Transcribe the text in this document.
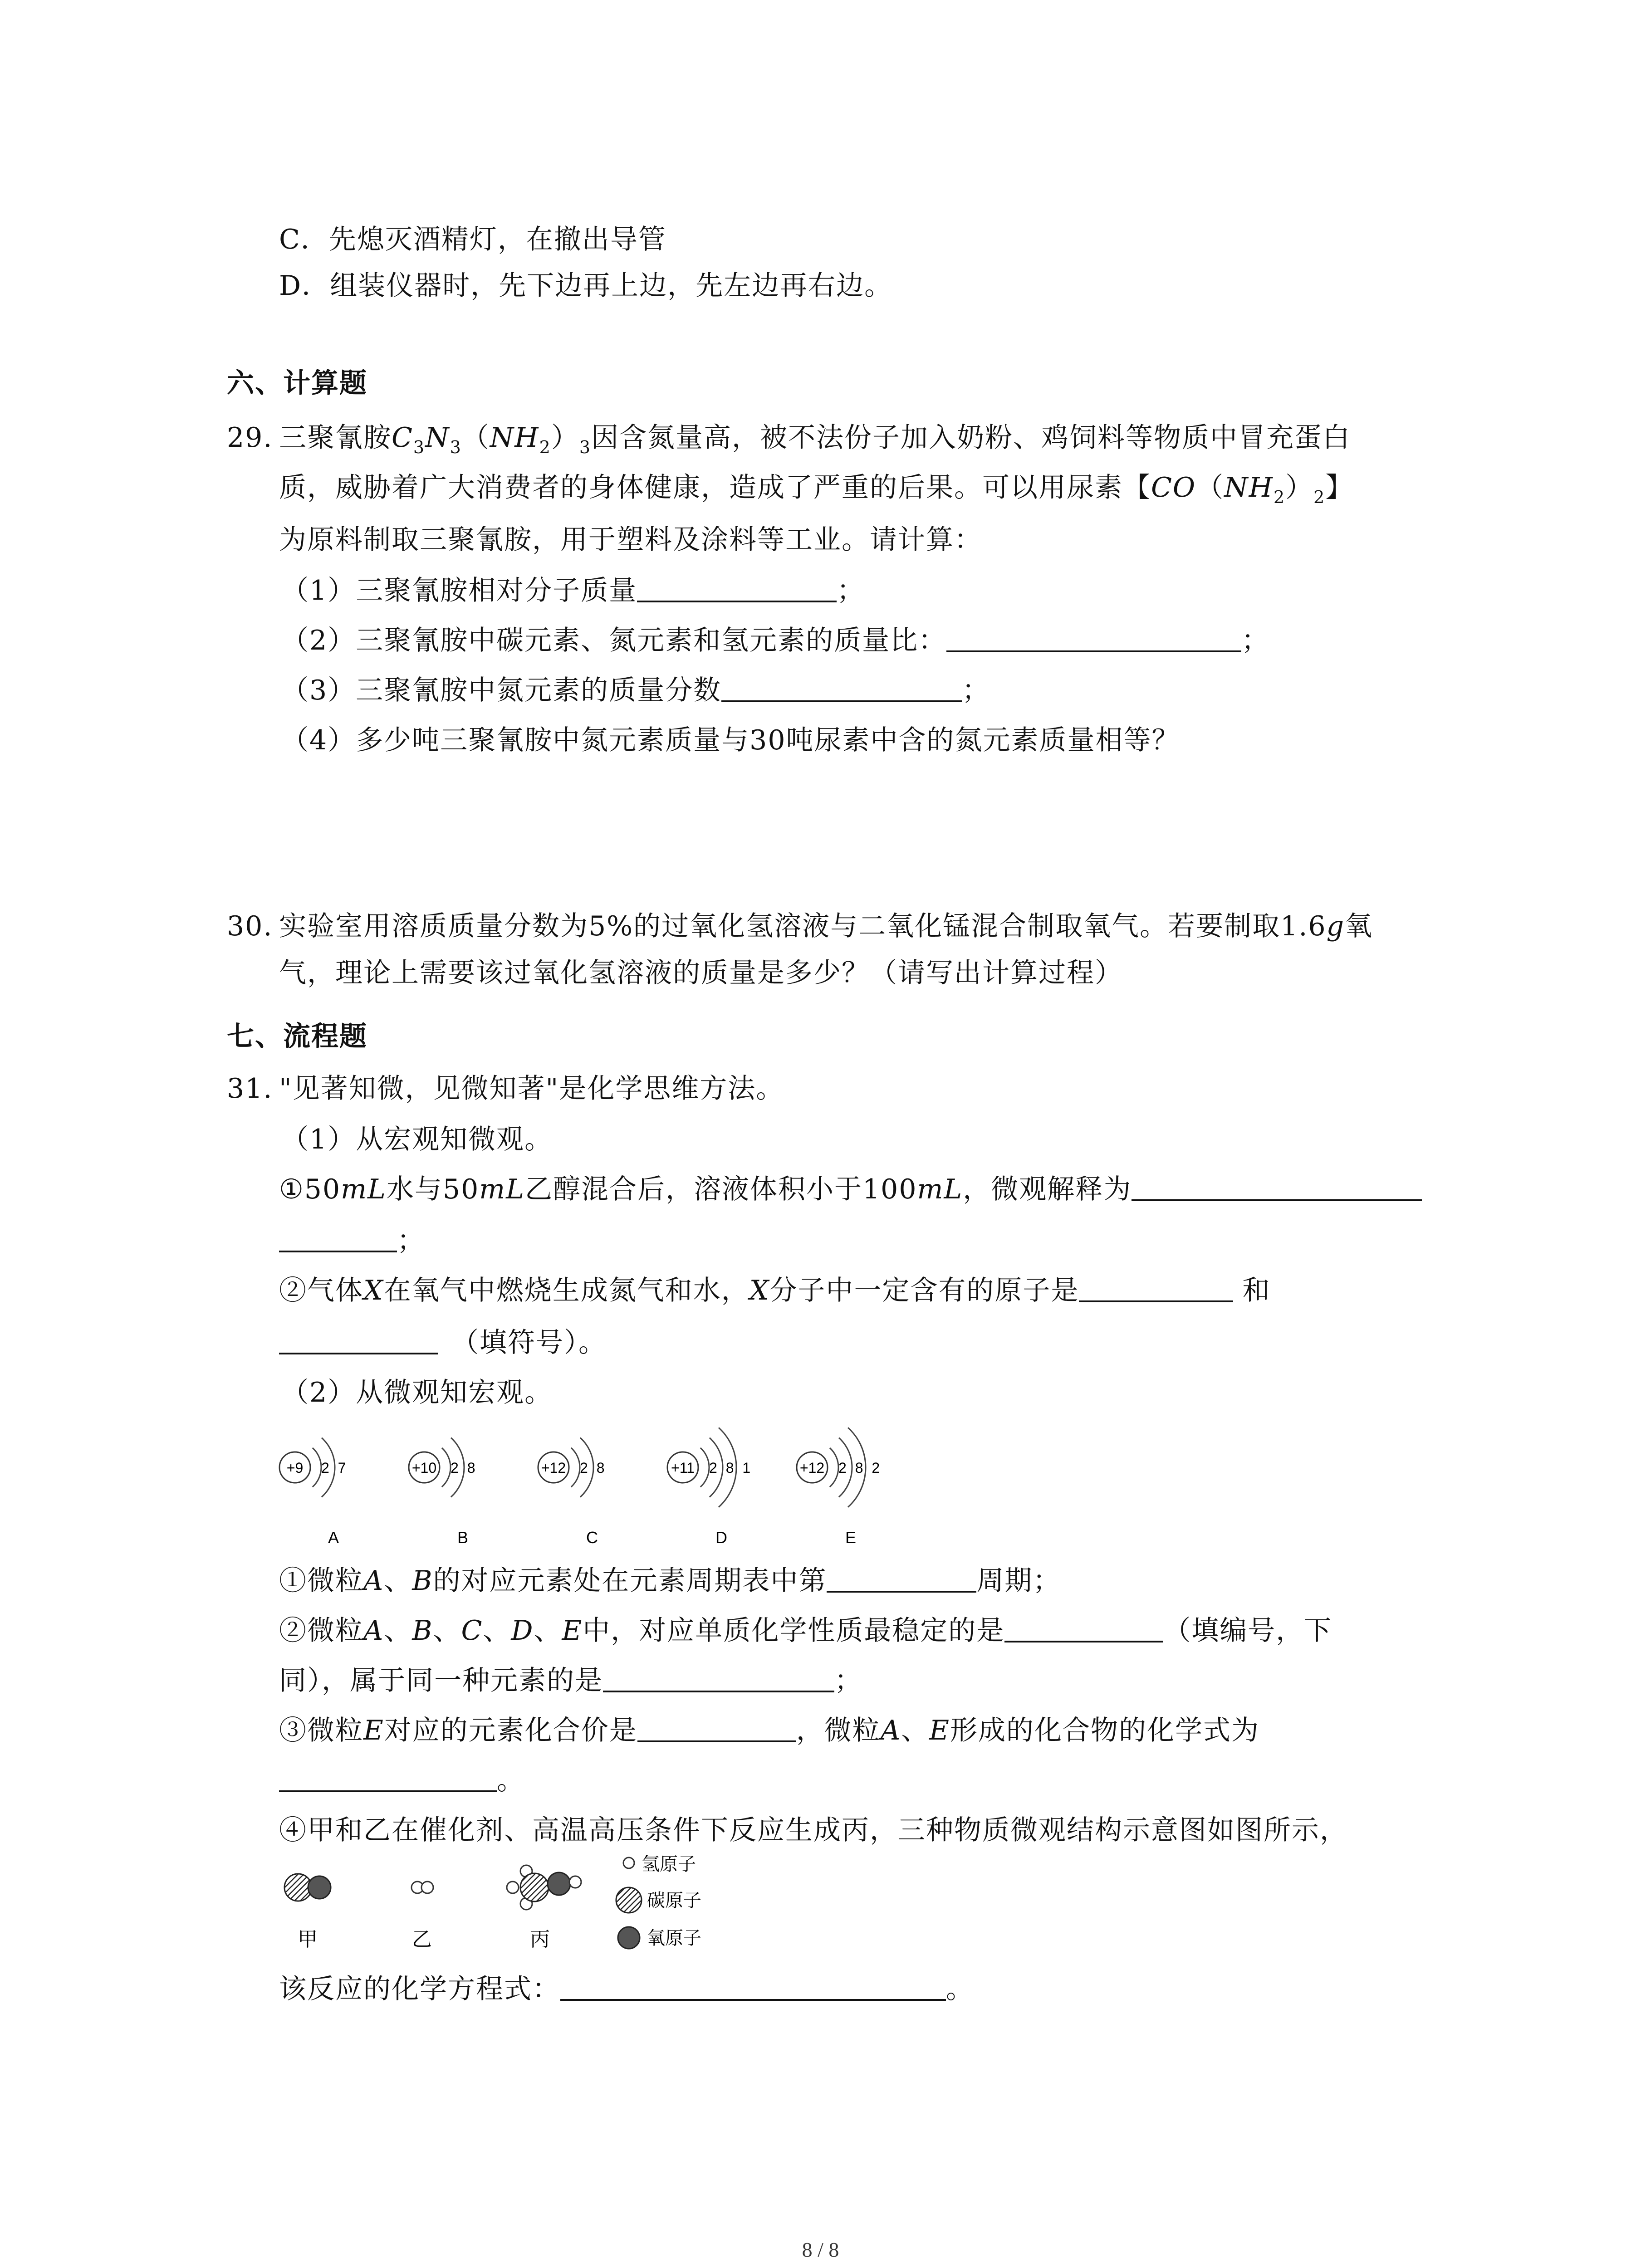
C．先熄灭酒精灯，在撤出导管
D．组装仪器时，先下边再上边，先左边再右边。
六、计算题
29. 三聚氰胺$C_3N_3(NH_2)_3$因含氮量高，被不法份子加入奶粉、鸡饲料等物质中冒充蛋白
质，威胁着广大消费者的身体健康，造成了严重的后果。可以用尿素【$CO(NH_2)_2$】
为原料制取三聚氰胺，用于塑料及涂料等工业。请计算：
（1）三聚氰胺相对分子质量	；
（2）三聚氰胺中碳元素、氮元素和氢元素的质量比：	；
（3）三聚氰胺中氮元素的质量分数	；
（4）多少吨三聚氰胺中氮元素质量与30吨尿素中含的氮元素质量相等？
30. 实验室用溶质质量分数为5%的过氧化氢溶液与二氧化锰混合制取氧气。若要制取1.6g氧
气，理论上需要该过氧化氢溶液的质量是多少？（请写出计算过程）
七、流程题
31. "见著知微，见微知著"是化学思维方法。
（1）从宏观知微观。
①50mL水与50mL乙醇混合后，溶液体积小于100mL，微观解释为
；
②气体X在氧气中燃烧生成氮气和水，X分子中一定含有的原子是	和
（填符号）。
（2）从微观知宏观。
+9 2 7
A
+10 2 8
B
+12 2 8
C
+11 2 8 1
D
+12 2 8 2
E
①微粒A、B的对应元素处在元素周期表中第	周期；
②微粒A、B、C、D、E中，对应单质化学性质最稳定的是	（填编号，下
同），属于同一种元素的是	；
③微粒E对应的元素化合价是	，微粒A、E形成的化合物的化学式为
。
④甲和乙在催化剂、高温高压条件下反应生成丙，三种物质微观结构示意图如图所示，
甲	乙	丙
氢原子
碳原子
氧原子
该反应的化学方程式：	。
8 / 8
